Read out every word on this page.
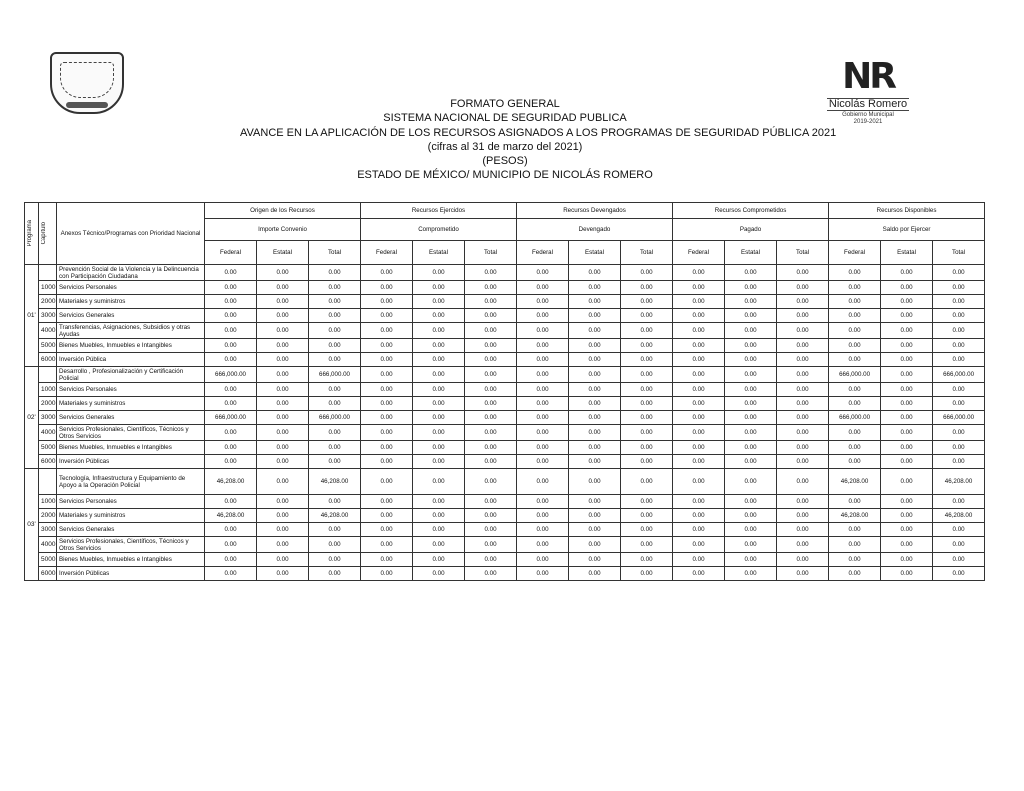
NR
Nicolás Romero
Gobierno Municipal
2019-2021
FORMATO GENERAL
SISTEMA NACIONAL DE SEGURIDAD PUBLICA
AVANCE EN LA APLICACIÓN DE LOS RECURSOS ASIGNADOS A LOS PROGRAMAS DE SEGURIDAD PÚBLICA 2021
(cifras al 31 de marzo del 2021)
(PESOS)
ESTADO DE MÉXICO/ MUNICIPIO DE NICOLÁS ROMERO
Programa	Capítulo	Anexos Técnico/Programas con Prioridad Nacional	Origen de los Recursos			Recursos Ejercidos			Recursos Devengados			Recursos Comprometidos			Recursos Disponibles		
			Importe Convenio			Comprometido			Devengado			Pagado			Saldo por Ejercer		
			Federal	Estatal	Total	Federal	Estatal	Total	Federal	Estatal	Total	Federal	Estatal	Total	Federal	Estatal	Total
01'		Prevención Social de la Violencia y la Delincuencia con Participación Ciudadana	0.00	0.00	0.00	0.00	0.00	0.00	0.00	0.00	0.00	0.00	0.00	0.00	0.00	0.00	0.00
	1000	Servicios Personales	0.00	0.00	0.00	0.00	0.00	0.00	0.00	0.00	0.00	0.00	0.00	0.00	0.00	0.00	0.00
	2000	Materiales y suministros	0.00	0.00	0.00	0.00	0.00	0.00	0.00	0.00	0.00	0.00	0.00	0.00	0.00	0.00	0.00
	3000	Servicios Generales	0.00	0.00	0.00	0.00	0.00	0.00	0.00	0.00	0.00	0.00	0.00	0.00	0.00	0.00	0.00
	4000	Transferencias, Asignaciones, Subsidios y otras Ayudas	0.00	0.00	0.00	0.00	0.00	0.00	0.00	0.00	0.00	0.00	0.00	0.00	0.00	0.00	0.00
	5000	Bienes Muebles, Inmuebles e Intangibles	0.00	0.00	0.00	0.00	0.00	0.00	0.00	0.00	0.00	0.00	0.00	0.00	0.00	0.00	0.00
	6000	Inversión Pública	0.00	0.00	0.00	0.00	0.00	0.00	0.00	0.00	0.00	0.00	0.00	0.00	0.00	0.00	0.00
02'		Desarrollo , Profesionalización y Certificación Policial	666,000.00	0.00	666,000.00	0.00	0.00	0.00	0.00	0.00	0.00	0.00	0.00	0.00	666,000.00	0.00	666,000.00
	1000	Servicios Personales	0.00	0.00	0.00	0.00	0.00	0.00	0.00	0.00	0.00	0.00	0.00	0.00	0.00	0.00	0.00
	2000	Materiales y suministros	0.00	0.00	0.00	0.00	0.00	0.00	0.00	0.00	0.00	0.00	0.00	0.00	0.00	0.00	0.00
	3000	Servicios Generales	666,000.00	0.00	666,000.00	0.00	0.00	0.00	0.00	0.00	0.00	0.00	0.00	0.00	666,000.00	0.00	666,000.00
	4000	Servicios Profesionales, Científicos, Técnicos y Otros Servicios	0.00	0.00	0.00	0.00	0.00	0.00	0.00	0.00	0.00	0.00	0.00	0.00	0.00	0.00	0.00
	5000	Bienes Muebles, Inmuebles e Intangibles	0.00	0.00	0.00	0.00	0.00	0.00	0.00	0.00	0.00	0.00	0.00	0.00	0.00	0.00	0.00
	6000	Inversión Públicas	0.00	0.00	0.00	0.00	0.00	0.00	0.00	0.00	0.00	0.00	0.00	0.00	0.00	0.00	0.00
03'		Tecnología, Infraestructura y Equipamiento de Apoyo a la Operación Policial	46,208.00	0.00	46,208.00	0.00	0.00	0.00	0.00	0.00	0.00	0.00	0.00	0.00	46,208.00	0.00	46,208.00
	1000	Servicios Personales	0.00	0.00	0.00	0.00	0.00	0.00	0.00	0.00	0.00	0.00	0.00	0.00	0.00	0.00	0.00
	2000	Materiales y suministros	46,208.00	0.00	46,208.00	0.00	0.00	0.00	0.00	0.00	0.00	0.00	0.00	0.00	46,208.00	0.00	46,208.00
	3000	Servicios Generales	0.00	0.00	0.00	0.00	0.00	0.00	0.00	0.00	0.00	0.00	0.00	0.00	0.00	0.00	0.00
	4000	Servicios Profesionales, Científicos, Técnicos y Otros Servicios	0.00	0.00	0.00	0.00	0.00	0.00	0.00	0.00	0.00	0.00	0.00	0.00	0.00	0.00	0.00
	5000	Bienes Muebles, Inmuebles e Intangibles	0.00	0.00	0.00	0.00	0.00	0.00	0.00	0.00	0.00	0.00	0.00	0.00	0.00	0.00	0.00
	6000	Inversión Públicas	0.00	0.00	0.00	0.00	0.00	0.00	0.00	0.00	0.00	0.00	0.00	0.00	0.00	0.00	0.00
